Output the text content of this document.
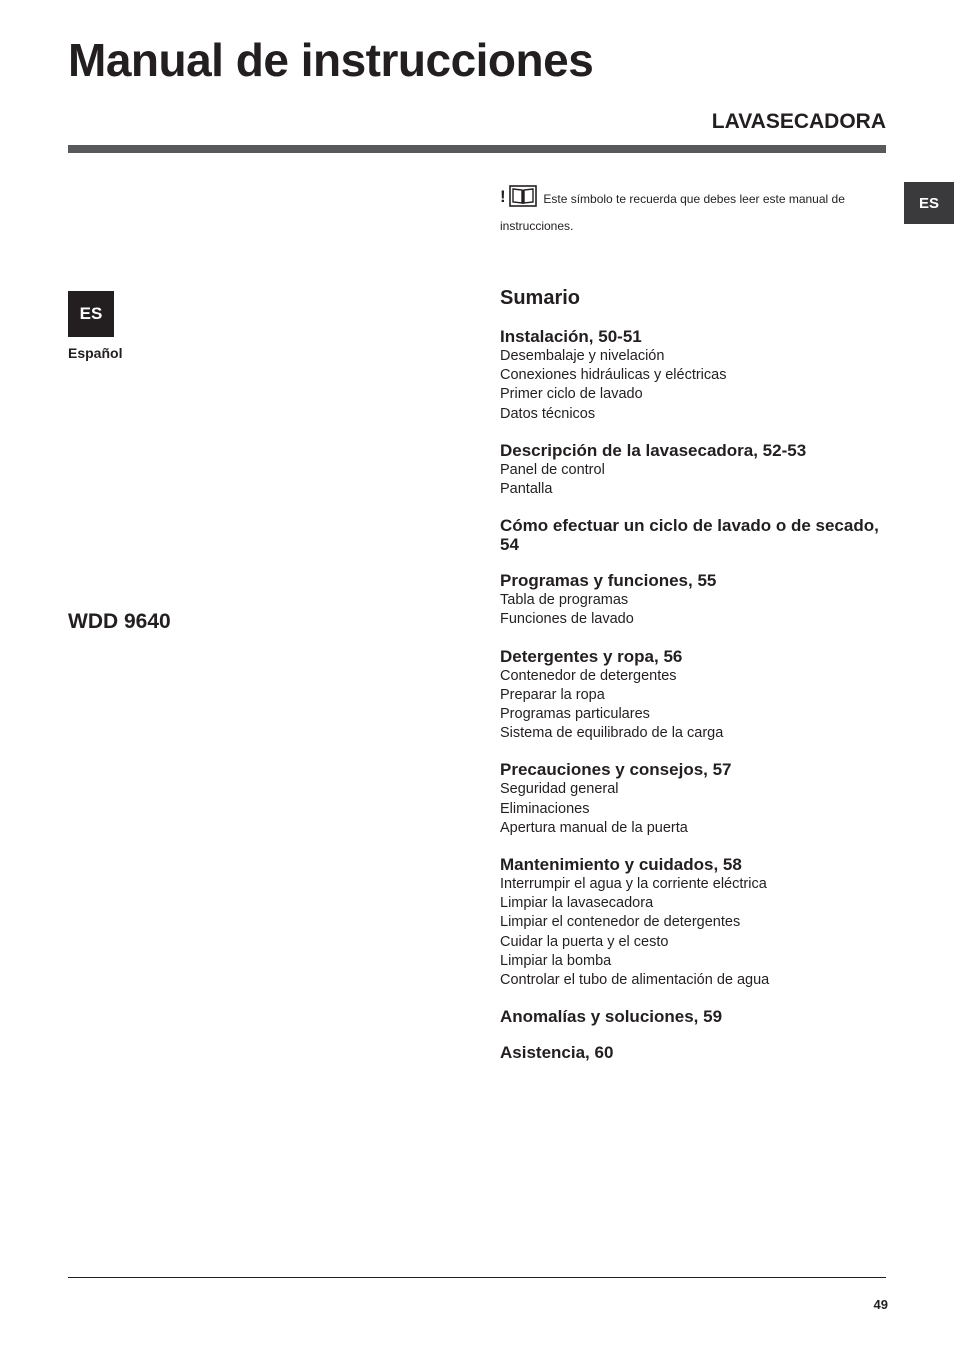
Manual de instrucciones
LAVASECADORA
ES
ES
Español
WDD 9640
!	Este símbolo te recuerda que debes leer este manual de instrucciones.
Sumario
Instalación, 50-51
Desembalaje y nivelación
Conexiones hidráulicas y eléctricas
Primer ciclo de lavado
Datos técnicos
Descripción de la lavasecadora, 52-53
Panel de control
Pantalla
Cómo efectuar un ciclo de lavado o de secado, 54
Programas y funciones, 55
Tabla de programas
Funciones de lavado
Detergentes y ropa, 56
Contenedor de detergentes
Preparar la ropa
Programas particulares
Sistema de equilibrado de la carga
Precauciones y consejos, 57
Seguridad general
Eliminaciones
Apertura manual de la puerta
Mantenimiento y cuidados, 58
Interrumpir el agua y la corriente eléctrica
Limpiar la lavasecadora
Limpiar el contenedor de detergentes
Cuidar la puerta y el cesto
Limpiar la bomba
Controlar el tubo de alimentación de agua
Anomalías y soluciones, 59
Asistencia, 60
49
